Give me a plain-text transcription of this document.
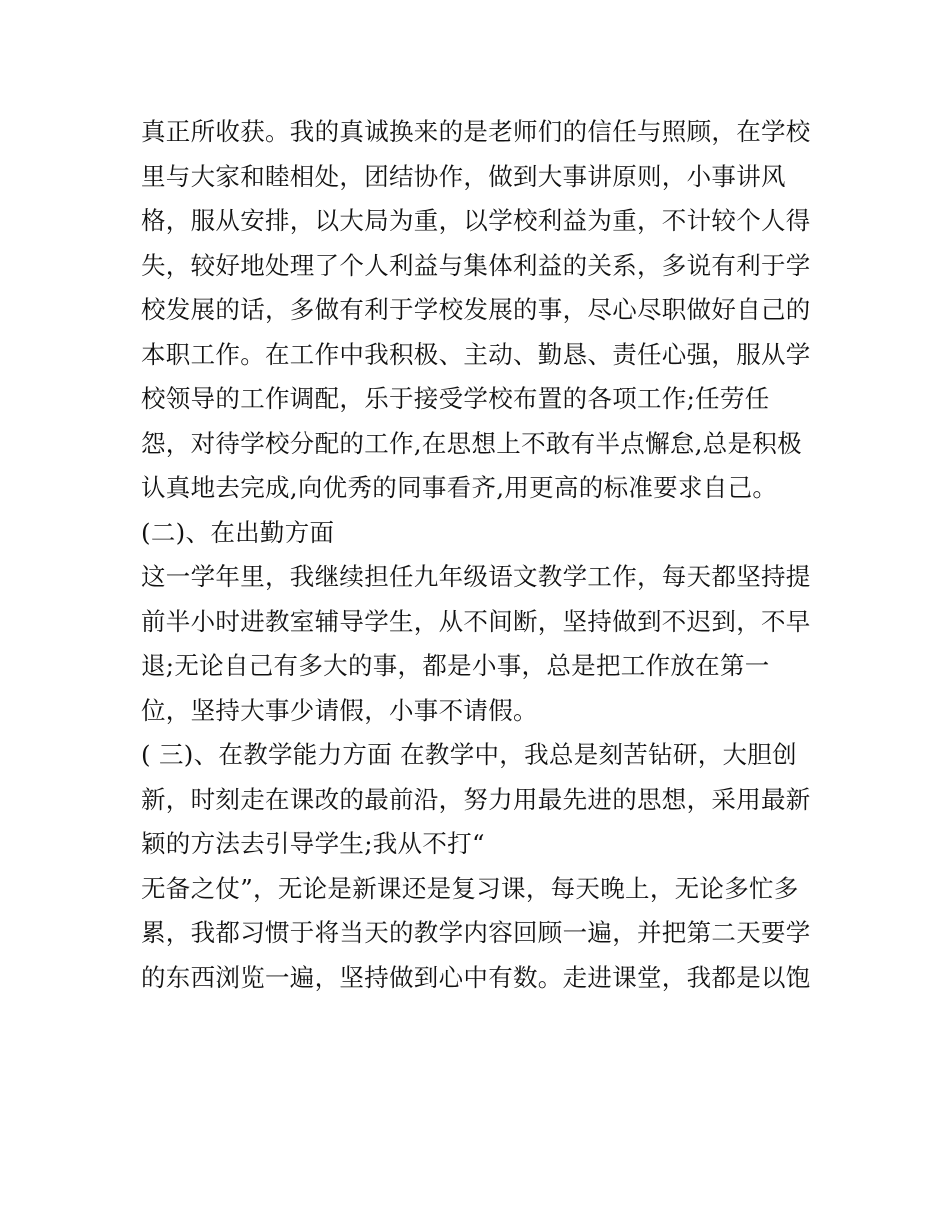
真正所收获。我的真诚换来的是老师们的信任与照顾，在学校
里与大家和睦相处，团结协作，做到大事讲原则，小事讲风
格，服从安排，以大局为重，以学校利益为重，不计较个人得
失，较好地处理了个人利益与集体利益的关系，多说有利于学
校发展的话，多做有利于学校发展的事，尽心尽职做好自己的
本职工作。在工作中我积极、主动、勤恳、责任心强，服从学
校领导的工作调配，乐于接受学校布置的各项工作;任劳任
怨，对待学校分配的工作,在思想上不敢有半点懈怠,总是积极
认真地去完成,向优秀的同事看齐,用更高的标准要求自己。
(二)、在出勤方面
这一学年里，我继续担任九年级语文教学工作，每天都坚持提
前半小时进教室辅导学生，从不间断，坚持做到不迟到，不早
退;无论自己有多大的事，都是小事，总是把工作放在第一
位，坚持大事少请假，小事不请假。
( 三)、在教学能力方面 在教学中，我总是刻苦钻研，大胆创
新，时刻走在课改的最前沿，努力用最先进的思想，采用最新
颖的方法去引导学生;我从不打“
无备之仗”，无论是新课还是复习课，每天晚上，无论多忙多
累，我都习惯于将当天的教学内容回顾一遍，并把第二天要学
的东西浏览一遍，坚持做到心中有数。走进课堂，我都是以饱
